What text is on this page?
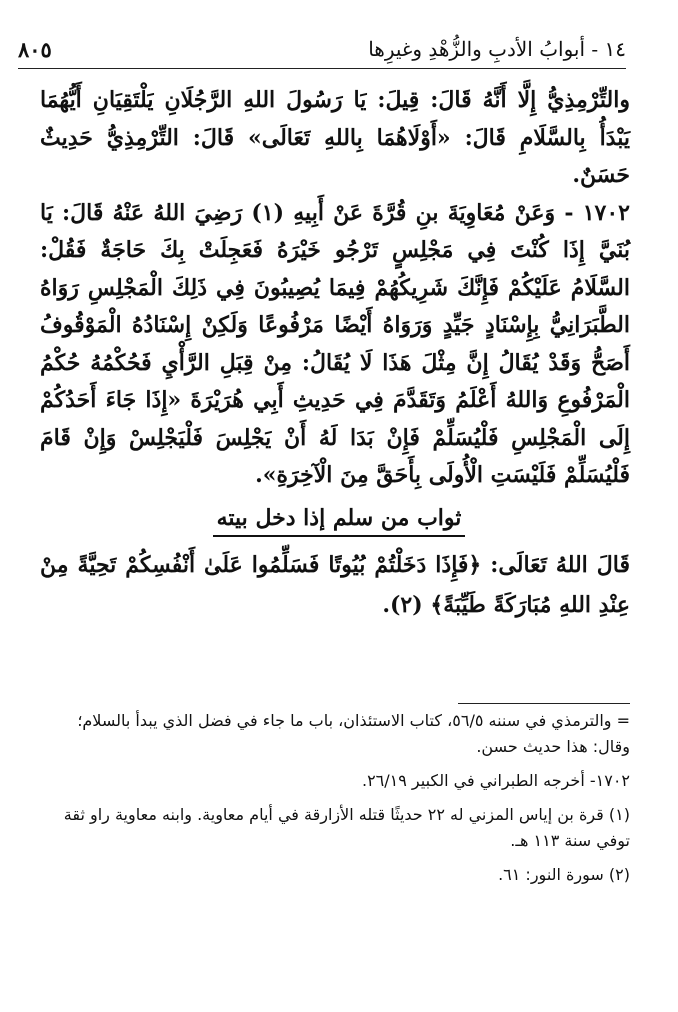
١٤ - أبوابُ الأدبِ والزُّهْدِ وغيرِها
٨٠٥

والتِّرْمِذِيُّ إِلَّا أَنَّهُ قَالَ: قِيلَ: يَا رَسُولَ اللهِ الرَّجُلَانِ يَلْتَقِيَانِ أَيُّهُمَا يَبْدَأُ بِالسَّلَامِ قَالَ: «أَوْلَاهُمَا بِاللهِ تَعَالَى» قَالَ: التِّرْمِذِيُّ حَدِيثٌ حَسَنٌ.

١٧٠٢ - وَعَنْ مُعَاوِيَةَ بنِ قُرَّةَ عَنْ أَبِيهِ (١) رَضِيَ اللهُ عَنْهُ قَالَ: يَا بُنَيَّ إِذَا كُنْتَ فِي مَجْلِسٍ تَرْجُو خَيْرَهُ فَعَجِلَتْ بِكَ حَاجَةٌ فَقُلْ: السَّلَامُ عَلَيْكُمْ فَإِنَّكَ شَرِيكُهُمْ فِيمَا يُصِيبُونَ فِي ذَلِكَ الْمَجْلِسِ رَوَاهُ الطَّبَرَانِيُّ بِإِسْنَادٍ جَيِّدٍ وَرَوَاهُ أَيْضًا مَرْفُوعًا وَلَكِنْ إِسْنَادُهُ الْمَوْقُوفُ أَصَحُّ وَقَدْ يُقَالُ إِنَّ مِثْلَ هَذَا لَا يُقَالُ: مِنْ قِبَلِ الرَّأْيِ فَحُكْمُهُ حُكْمُ الْمَرْفُوعِ وَاللهُ أَعْلَمُ وَتَقَدَّمَ فِي حَدِيثِ أَبِي هُرَيْرَةَ «إِذَا جَاءَ أَحَدُكُمْ إِلَى الْمَجْلِسِ فَلْيُسَلِّمْ فَإِنْ بَدَا لَهُ أَنْ يَجْلِسَ فَلْيَجْلِسْ وَإِنْ قَامَ فَلْيُسَلِّمْ فَلَيْسَتِ الْأُولَى بِأَحَقَّ مِنَ الْآخِرَةِ».

ثواب من سلم إذا دخل بيته

قَالَ اللهُ تَعَالَى: ﴿فَإِذَا دَخَلْتُمْ بُيُوتًا فَسَلِّمُوا عَلَىٰ أَنْفُسِكُمْ تَحِيَّةً مِنْ عِنْدِ اللهِ مُبَارَكَةً طَيِّبَةً﴾ (٢).

= والترمذي في سننه ٥٦/٥، كتاب الاستئذان، باب ما جاء في فضل الذي يبدأ بالسلام؛ وقال: هذا حديث حسن.

١٧٠٢- أخرجه الطبراني في الكبير ٢٦/١٩.

(١) قرة بن إياس المزني له ٢٢ حديثًا قتله الأزارقة في أيام معاوية. وابنه معاوية راو ثقة توفي سنة ١١٣ هـ.

(٢) سورة النور: ٦١.
